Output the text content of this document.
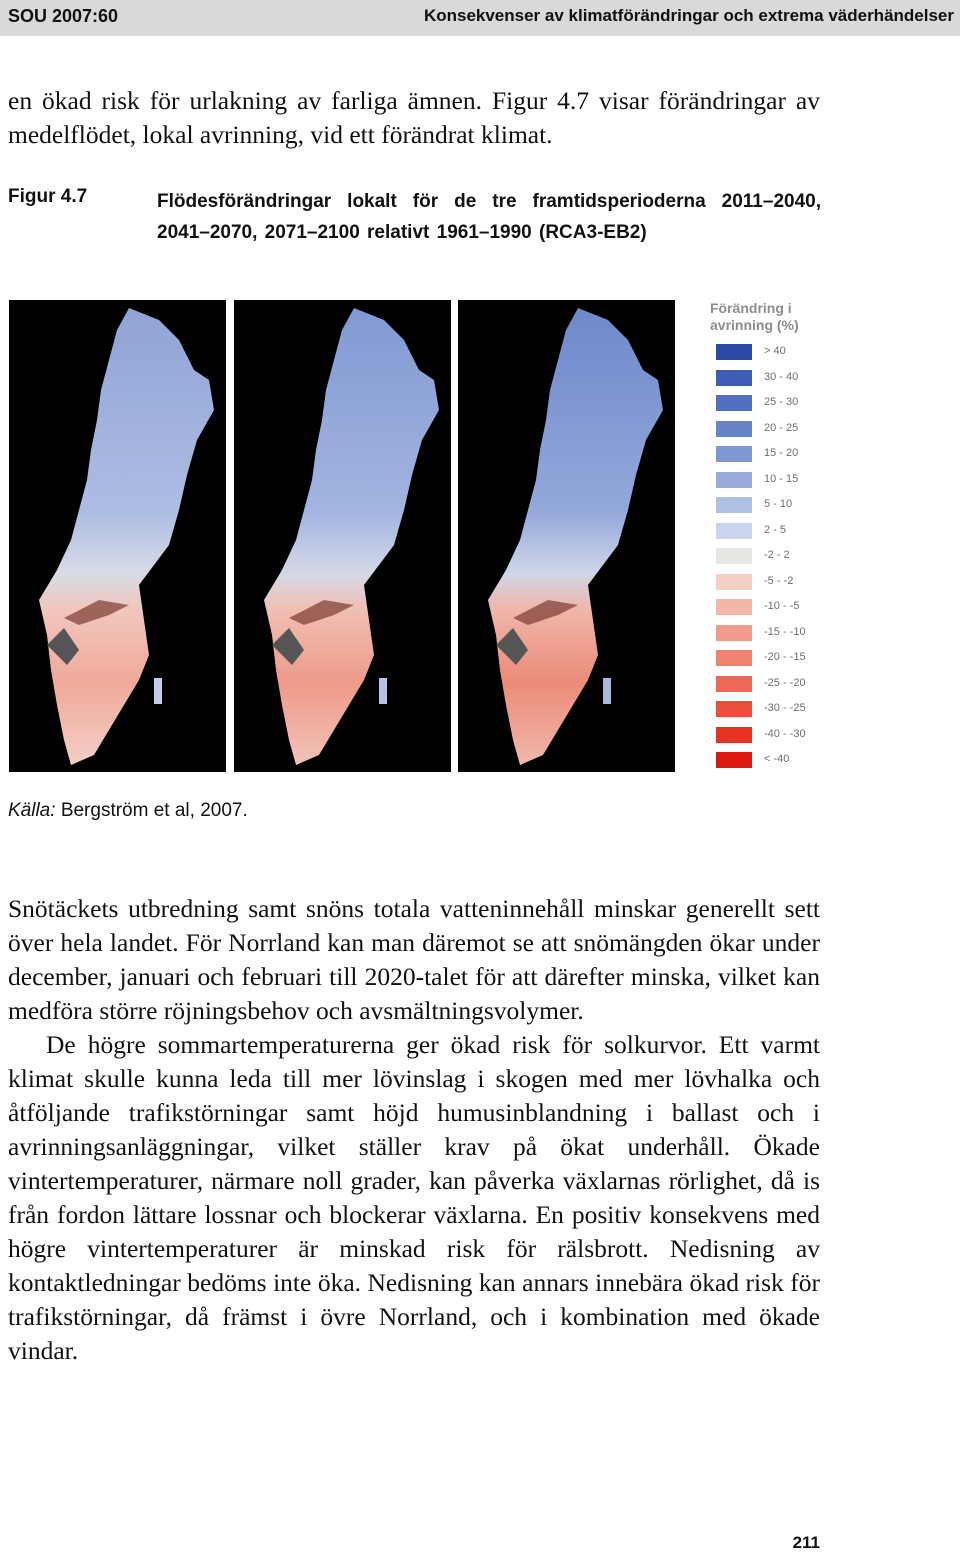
SOU 2007:60	Konsekvenser av klimatförändringar och extrema väderhändelser
en ökad risk för urlakning av farliga ämnen. Figur 4.7 visar förändringar av medelflödet, lokal avrinning, vid ett förändrat klimat.
Figur 4.7	Flödesförändringar lokalt för de tre framtidsperioderna 2011–2040, 2041–2070, 2071–2100 relativt 1961–1990 (RCA3-EB2)
Förändring i
avrinning (%)
> 40
30 - 40
25 - 30
20 - 25
15 - 20
10 - 15
5 - 10
2 - 5
-2 - 2
-5 - -2
-10 - -5
-15 - -10
-20 - -15
-25 - -20
-30 - -25
-40 - -30
< -40
Källa: Bergström et al, 2007.

Snötäckets utbredning samt snöns totala vatteninnehåll minskar generellt sett över hela landet. För Norrland kan man däremot se att snömängden ökar under december, januari och februari till 2020-talet för att därefter minska, vilket kan medföra större röjningsbehov och avsmältningsvolymer.

De högre sommartemperaturerna ger ökad risk för solkurvor. Ett varmt klimat skulle kunna leda till mer lövinslag i skogen med mer lövhalka och åtföljande trafikstörningar samt höjd humusinblandning i ballast och i avrinningsanläggningar, vilket ställer krav på ökat underhåll. Ökade vintertemperaturer, närmare noll grader, kan påverka växlarnas rörlighet, då is från fordon lättare lossnar och blockerar växlarna. En positiv konsekvens med högre vintertemperaturer är minskad risk för rälsbrott. Nedisning av kontaktledningar bedöms inte öka. Nedisning kan annars innebära ökad risk för trafikstörningar, då främst i övre Norrland, och i kombination med ökade vindar.

211
